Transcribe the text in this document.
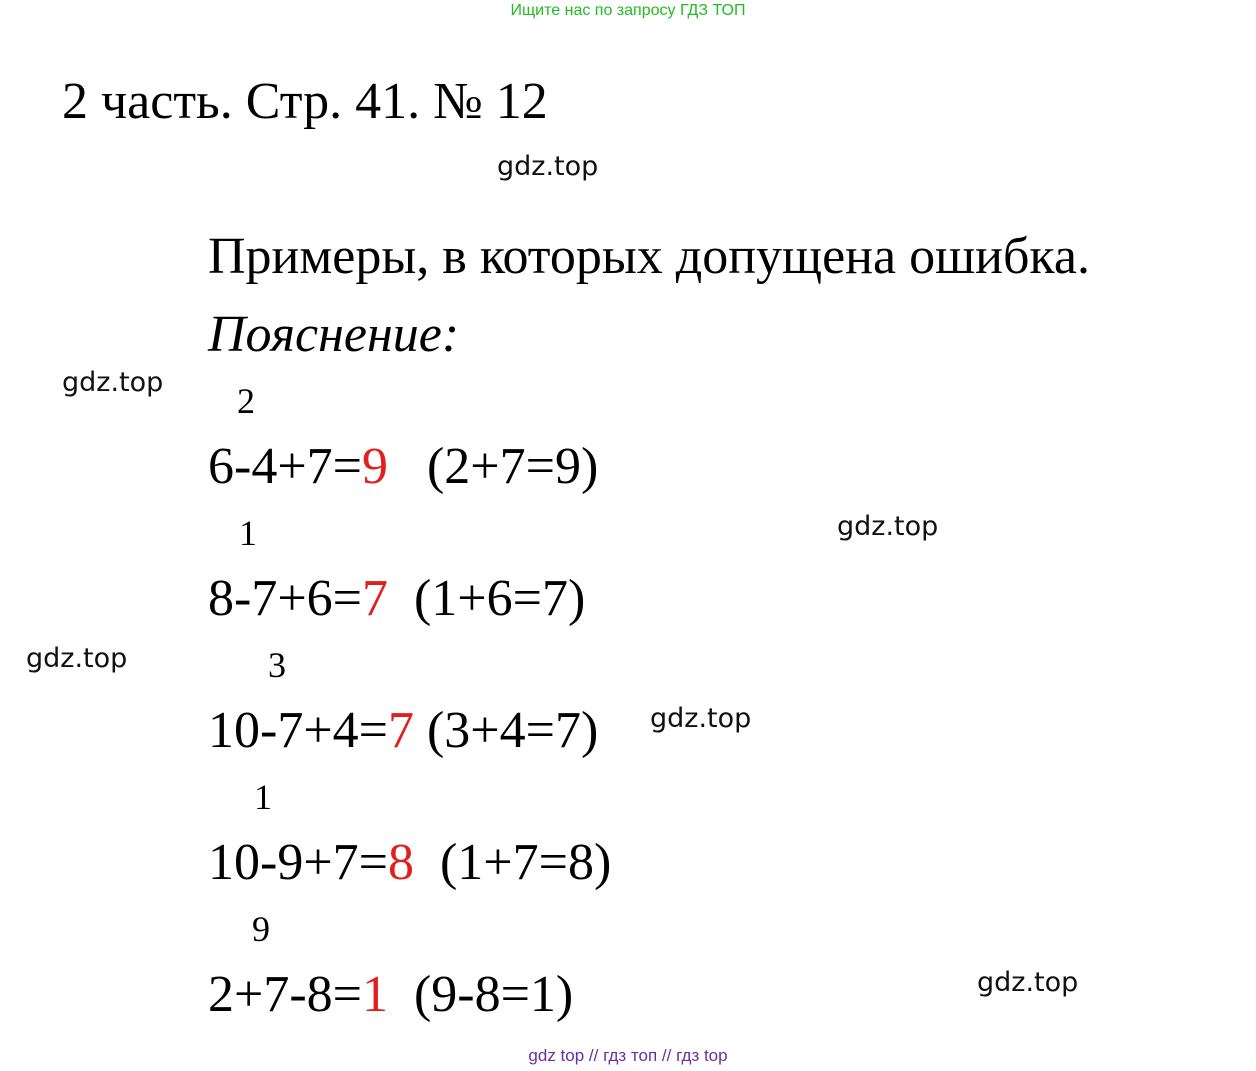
Ищите нас по запросу ГДЗ ТОП
2 часть. Стр. 41. № 12
gdz.top
Примеры, в которых допущена ошибка.
Пояснение:
gdz.top 2
6-4+7=9 (2+7=9)
1
8-7+6=7 (1+6=7)
gdz.top
gdz.top	3
10-7+4=7 (3+4=7) gdz.top
1
10-9+7=8 (1+7=8)
9
2+7-8=1 (9-8=1)	gdz.top
gdz top // гдз топ // гдз top
